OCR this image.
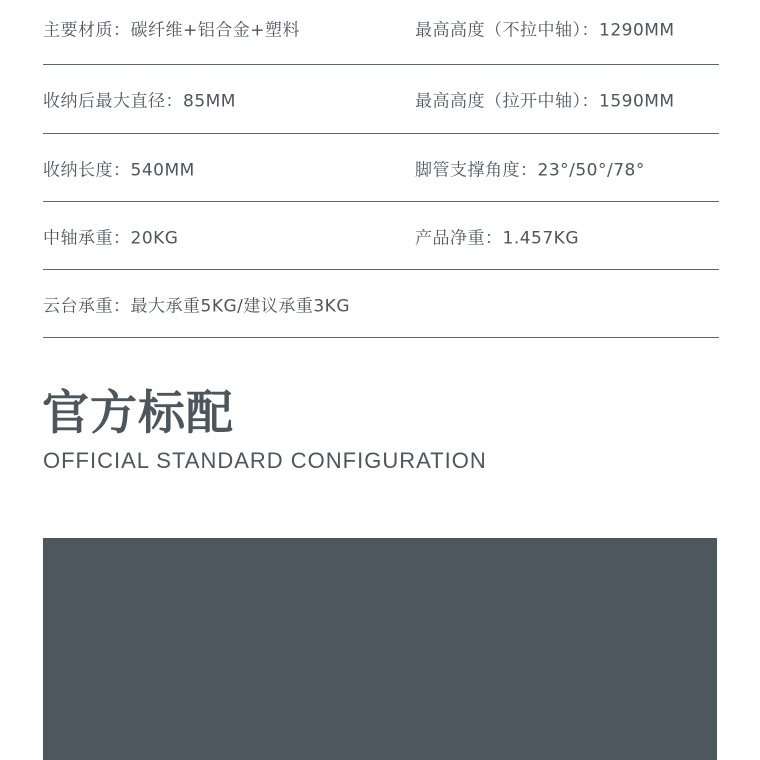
主要材质：碳纤维+铝合金+塑料	最高高度（不拉中轴）：1290MM
收纳后最大直径：85MM	最高高度（拉开中轴）：1590MM
收纳长度：540MM	脚管支撑角度：23°/50°/78°
中轴承重：20KG	产品净重：1.457KG
云台承重：最大承重5KG/建议承重3KG
官方标配
OFFICIAL STANDARD CONFIGURATION
